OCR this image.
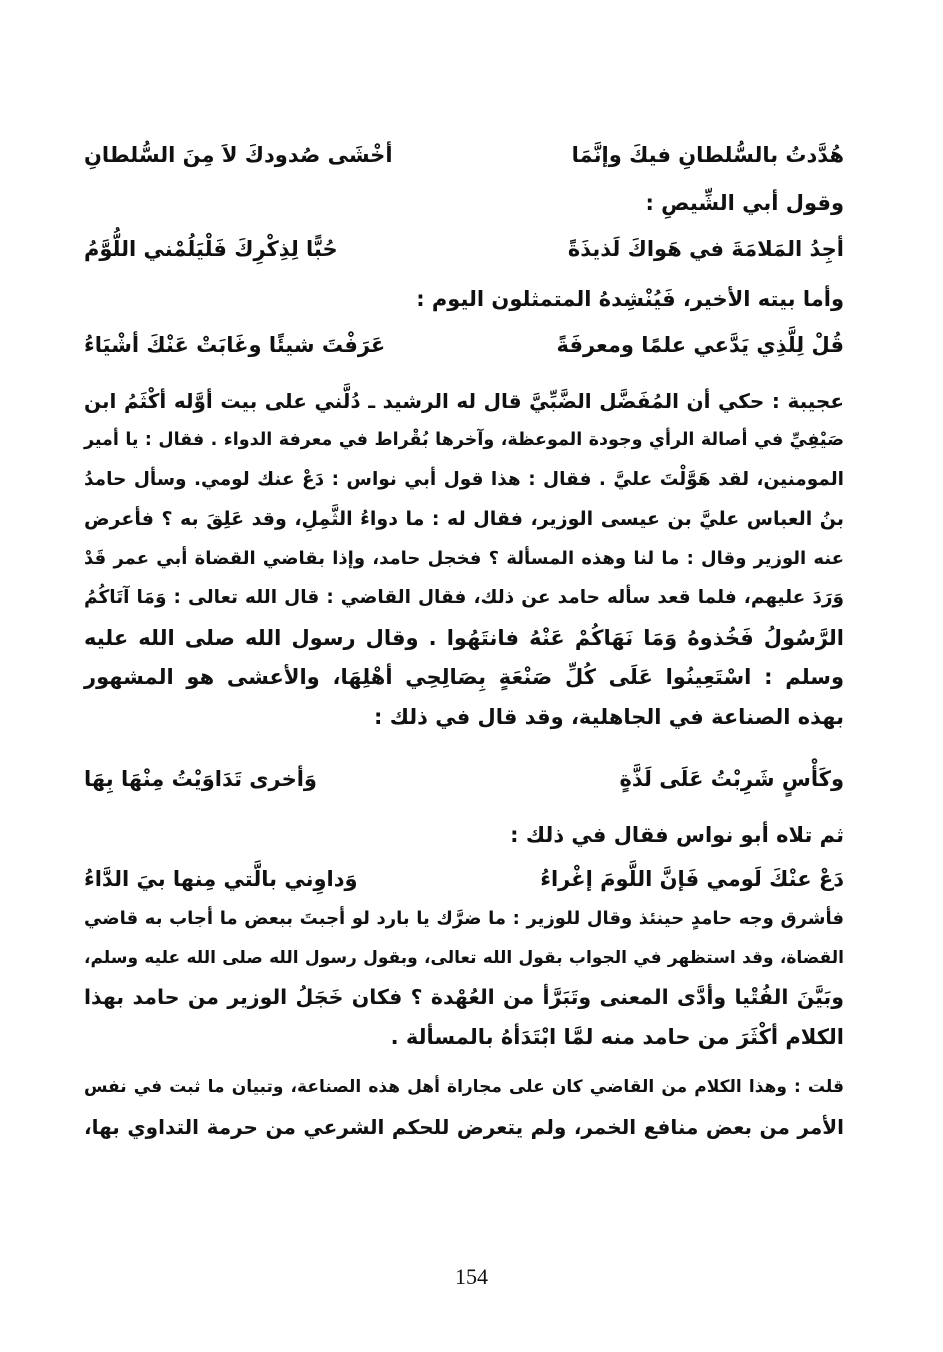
هُدَّدتُ بالسُّلطانِ فيكَ وإنَّمَا
أخْشَى صُدودكَ لاَ مِنَ السُّلطانِ
وقول أبي الشِّيصِ :
أجِدُ المَلامَةَ في هَواكَ لَذيذَةً
حُبًّا لِذِكْرِكَ فَلْيَلُمْني اللُّوَّمُ
وأما بيته الأخير، فَيُنْشِدهُ المتمثلون اليوم :
قُلْ لِلَّذِي يَدَّعي علمًا ومعرفَةً
عَرَفْتَ شيئًا وغَابَتْ عَنْكَ أشْيَاءُ
عجيبة : حكي أن المُفَضَّل الضَّبِّيَّ قال له الرشيد ـ دُلَّني على بيت أوَّله أكْثَمُ ابن
صَيْفِيِّ في أصالة الرأي وجودة الموعظة، وآخرها بُقْراط في معرفة الدواء . فقال : يا أمير
المومنين، لقد هَوَّلْتَ عليَّ . فقال : هذا قول أبي نواس : دَعْ عنك لومي. وسأل حامدُ
بنُ العباس عليَّ بن عيسى الوزير، فقال له : ما دواءُ الثَّمِلِ، وقد عَلِقَ به ؟ فأعرض
عنه الوزير وقال : ما لنا وهذه المسألة ؟ فخجل حامد، وإذا بقاضي القضاة أبي عمر قَدْ
وَرَدَ عليهم، فلما قعد سأله حامد عن ذلك، فقال القاضي : قال الله تعالى : وَمَا آتَاكُمُ
الرَّسُولُ فَخُذوهُ وَمَا نَهَاكُمْ عَنْهُ فانتَهُوا . وقال رسول الله صلى الله عليه
وسلم : اسْتَعِينُوا عَلَى كُلِّ صَنْعَةٍ بِصَالِحِي أهْلِهَا، والأعشى هو المشهور
بهذه الصناعة في الجاهلية، وقد قال في ذلك :
وكَأْسٍ شَرِبْتُ عَلَى لَذَّةٍ
وَأخرى تَدَاوَيْتُ مِنْهَا بِهَا
ثم تلاه أبو نواس فقال في ذلك :
دَعْ عنْكَ لَومي فَإنَّ اللَّومَ إغْراءُ
وَداوِني بالَّتي مِنها بيَ الدَّاءُ
فأشرق وجه حامدٍ حينئذ وقال للوزير : ما ضرَّك يا بارد لو أجبتَ ببعض ما أجاب به قاضي
القضاة، وقد استظهر في الجواب بقول الله تعالى، وبقول رسول الله صلى الله عليه وسلم،
وبَيَّنَ الفُتْيا وأدَّى المعنى وتَبَرَّأ من العُهْدة ؟ فكان خَجَلُ الوزير من حامد بهذا
الكلام أكْثَرَ من حامد منه لمَّا ابْتَدَأهُ بالمسألة .
قلت : وهذا الكلام من القاضي كان على مجاراة أهل هذه الصناعة، وتبيان ما ثبت في نفس
الأمر من بعض منافع الخمر، ولم يتعرض للحكم الشرعي من حرمة التداوي بها،
154
